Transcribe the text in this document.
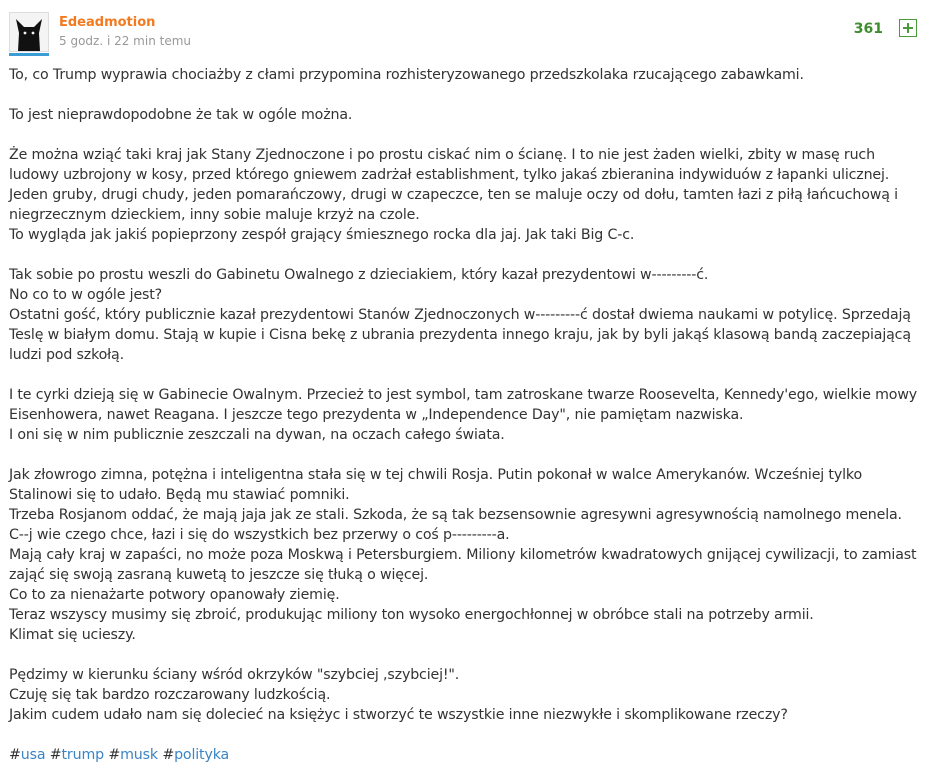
Edeadmotion
5 godz. i 22 min temu
361

To, co Trump wyprawia chociażby z cłami przypomina rozhisteryzowanego przedszkolaka rzucającego zabawkami.

To jest nieprawdopodobne że tak w ogóle można.

Że można wziąć taki kraj jak Stany Zjednoczone i po prostu ciskać nim o ścianę. I to nie jest żaden wielki, zbity w masę ruch ludowy uzbrojony w kosy, przed którego gniewem zadrżał establishment, tylko jakaś zbieranina indywiduów z łapanki ulicznej. Jeden gruby, drugi chudy, jeden pomarańczowy, drugi w czapeczce, ten se maluje oczy od dołu, tamten łazi z piłą łańcuchową i niegrzecznym dzieckiem, inny sobie maluje krzyż na czole.
To wygląda jak jakiś popieprzony zespół grający śmiesznego rocka dla jaj. Jak taki Big C-c.

Tak sobie po prostu weszli do Gabinetu Owalnego z dzieciakiem, który kazał prezydentowi w---------ć.
No co to w ogóle jest?
Ostatni gość, który publicznie kazał prezydentowi Stanów Zjednoczonych w---------ć dostał dwiema naukami w potylicę. Sprzedają Teslę w białym domu. Stają w kupie i Cisna bekę z ubrania prezydenta innego kraju, jak by byli jakąś klasową bandą zaczepiającą ludzi pod szkołą.

I te cyrki dzieją się w Gabinecie Owalnym. Przecież to jest symbol, tam zatroskane twarze Roosevelta, Kennedy'ego, wielkie mowy Eisenhowera, nawet Reagana. I jeszcze tego prezydenta w „Independence Day", nie pamiętam nazwiska.
I oni się w nim publicznie zeszczali na dywan, na oczach całego świata.

Jak złowrogo zimna, potężna i inteligentna stała się w tej chwili Rosja. Putin pokonał w walce Amerykanów. Wcześniej tylko Stalinowi się to udało. Będą mu stawiać pomniki.
Trzeba Rosjanom oddać, że mają jaja jak ze stali. Szkoda, że są tak bezsensownie agresywni agresywnością namolnego menela. C--j wie czego chce, łazi i się do wszystkich bez przerwy o coś p---------a.
Mają cały kraj w zapaści, no może poza Moskwą i Petersburgiem. Miliony kilometrów kwadratowych gnijącej cywilizacji, to zamiast zająć się swoją zasraną kuwetą to jeszcze się tłuką o więcej.
Co to za nienażarte potwory opanowały ziemię.
Teraz wszyscy musimy się zbroić, produkując miliony ton wysoko energochłonnej w obróbce stali na potrzeby armii.
Klimat się ucieszy.

Pędzimy w kierunku ściany wśród okrzyków "szybciej ,szybciej!".
Czuję się tak bardzo rozczarowany ludzkością.
Jakim cudem udało nam się dolecieć na księżyc i stworzyć te wszystkie inne niezwykłe i skomplikowane rzeczy?

#usa #trump #musk #polityka
